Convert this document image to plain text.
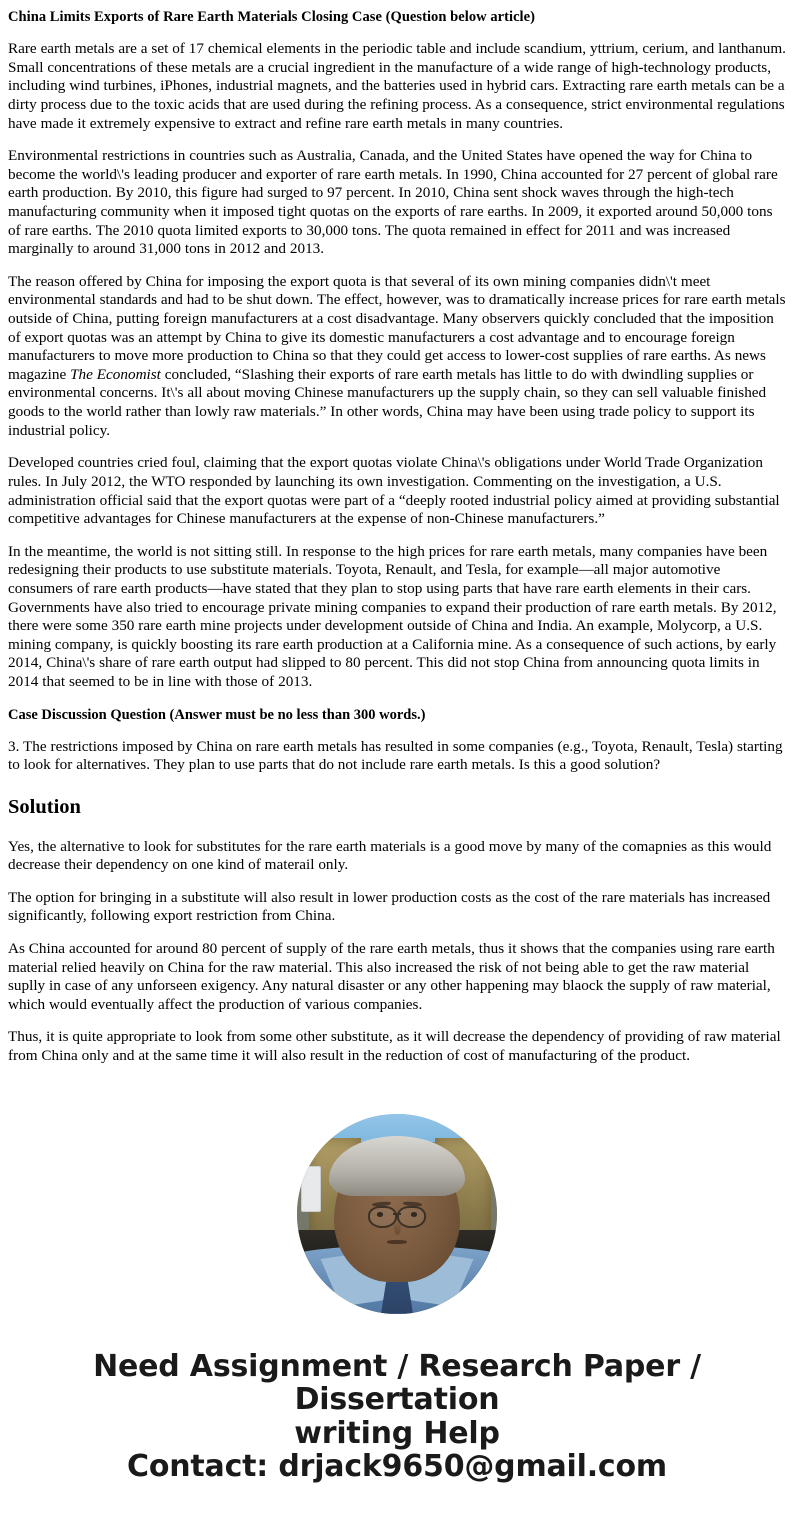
China Limits Exports of Rare Earth Materials Closing Case (Question below article)

Rare earth metals are a set of 17 chemical elements in the periodic table and include scandium, yttrium, cerium, and lanthanum. Small concentrations of these metals are a crucial ingredient in the manufacture of a wide range of high-technology products, including wind turbines, iPhones, industrial magnets, and the batteries used in hybrid cars. Extracting rare earth metals can be a dirty process due to the toxic acids that are used during the refining process. As a consequence, strict environmental regulations have made it extremely expensive to extract and refine rare earth metals in many countries.

Environmental restrictions in countries such as Australia, Canada, and the United States have opened the way for China to become the world\'s leading producer and exporter of rare earth metals. In 1990, China accounted for 27 percent of global rare earth production. By 2010, this figure had surged to 97 percent. In 2010, China sent shock waves through the high-tech manufacturing community when it imposed tight quotas on the exports of rare earths. In 2009, it exported around 50,000 tons of rare earths. The 2010 quota limited exports to 30,000 tons. The quota remained in effect for 2011 and was increased marginally to around 31,000 tons in 2012 and 2013.

The reason offered by China for imposing the export quota is that several of its own mining companies didn\'t meet environmental standards and had to be shut down. The effect, however, was to dramatically increase prices for rare earth metals outside of China, putting foreign manufacturers at a cost disadvantage. Many observers quickly concluded that the imposition of export quotas was an attempt by China to give its domestic manufacturers a cost advantage and to encourage foreign manufacturers to move more production to China so that they could get access to lower-cost supplies of rare earths. As news magazine The Economist concluded, “Slashing their exports of rare earth metals has little to do with dwindling supplies or environmental concerns. It\'s all about moving Chinese manufacturers up the supply chain, so they can sell valuable finished goods to the world rather than lowly raw materials.” In other words, China may have been using trade policy to support its industrial policy.

Developed countries cried foul, claiming that the export quotas violate China\'s obligations under World Trade Organization rules. In July 2012, the WTO responded by launching its own investigation. Commenting on the investigation, a U.S. administration official said that the export quotas were part of a “deeply rooted industrial policy aimed at providing substantial competitive advantages for Chinese manufacturers at the expense of non-Chinese manufacturers.”

In the meantime, the world is not sitting still. In response to the high prices for rare earth metals, many companies have been redesigning their products to use substitute materials. Toyota, Renault, and Tesla, for example—all major automotive consumers of rare earth products—have stated that they plan to stop using parts that have rare earth elements in their cars. Governments have also tried to encourage private mining companies to expand their production of rare earth metals. By 2012, there were some 350 rare earth mine projects under development outside of China and India. An example, Molycorp, a U.S. mining company, is quickly boosting its rare earth production at a California mine. As a consequence of such actions, by early 2014, China\'s share of rare earth output had slipped to 80 percent. This did not stop China from announcing quota limits in 2014 that seemed to be in line with those of 2013.

Case Discussion Question (Answer must be no less than 300 words.)

3. The restrictions imposed by China on rare earth metals has resulted in some companies (e.g., Toyota, Renault, Tesla) starting to look for alternatives. They plan to use parts that do not include rare earth metals. Is this a good solution?

Solution

Yes, the alternative to look for substitutes for the rare earth materials is a good move by many of the comapnies as this would decrease their dependency on one kind of materail only.

The option for bringing in a substitute will also result in lower production costs as the cost of the rare materials has increased significantly, following export restriction from China.

As China accounted for around 80 percent of supply of the rare earth metals, thus it shows that the companies using rare earth material relied heavily on China for the raw material. This also increased the risk of not being able to get the raw material suplly in case of any unforseen exigency. Any natural disaster or any other happening may blaock the supply of raw material, which would eventually affect the production of various companies.

Thus, it is quite appropriate to look from some other substitute, as it will decrease the dependency of providing of raw material from China only and at the same time it will also result in the reduction of cost of manufacturing of the product.

Need Assignment / Research Paper / Dissertation
writing Help
Contact: drjack9650@gmail.com
